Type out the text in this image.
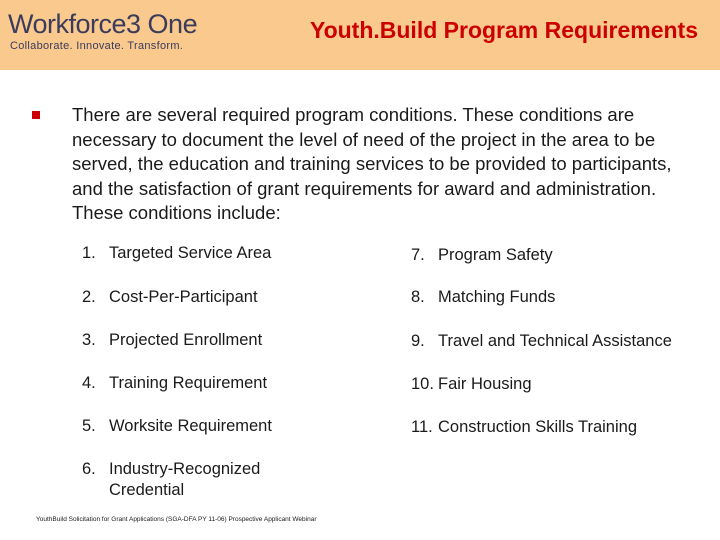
Workforce3 One
Collaborate. Innovate. Transform.
Youth.Build Program Requirements
There are several required program conditions. These conditions are necessary to document the level of need of the project in the area to be served, the education and training services to be provided to participants, and the satisfaction of grant requirements for award and administration. These conditions include:
1. Targeted Service Area
2. Cost-Per-Participant
3. Projected Enrollment
4. Training Requirement
5. Worksite Requirement
6. Industry-Recognized Credential
7. Program Safety
8. Matching Funds
9. Travel and Technical Assistance
10. Fair Housing
11. Construction Skills Training
YouthBuild Solicitation for Grant Applications (SGA-DFA PY 11-06) Prospective Applicant Webinar
